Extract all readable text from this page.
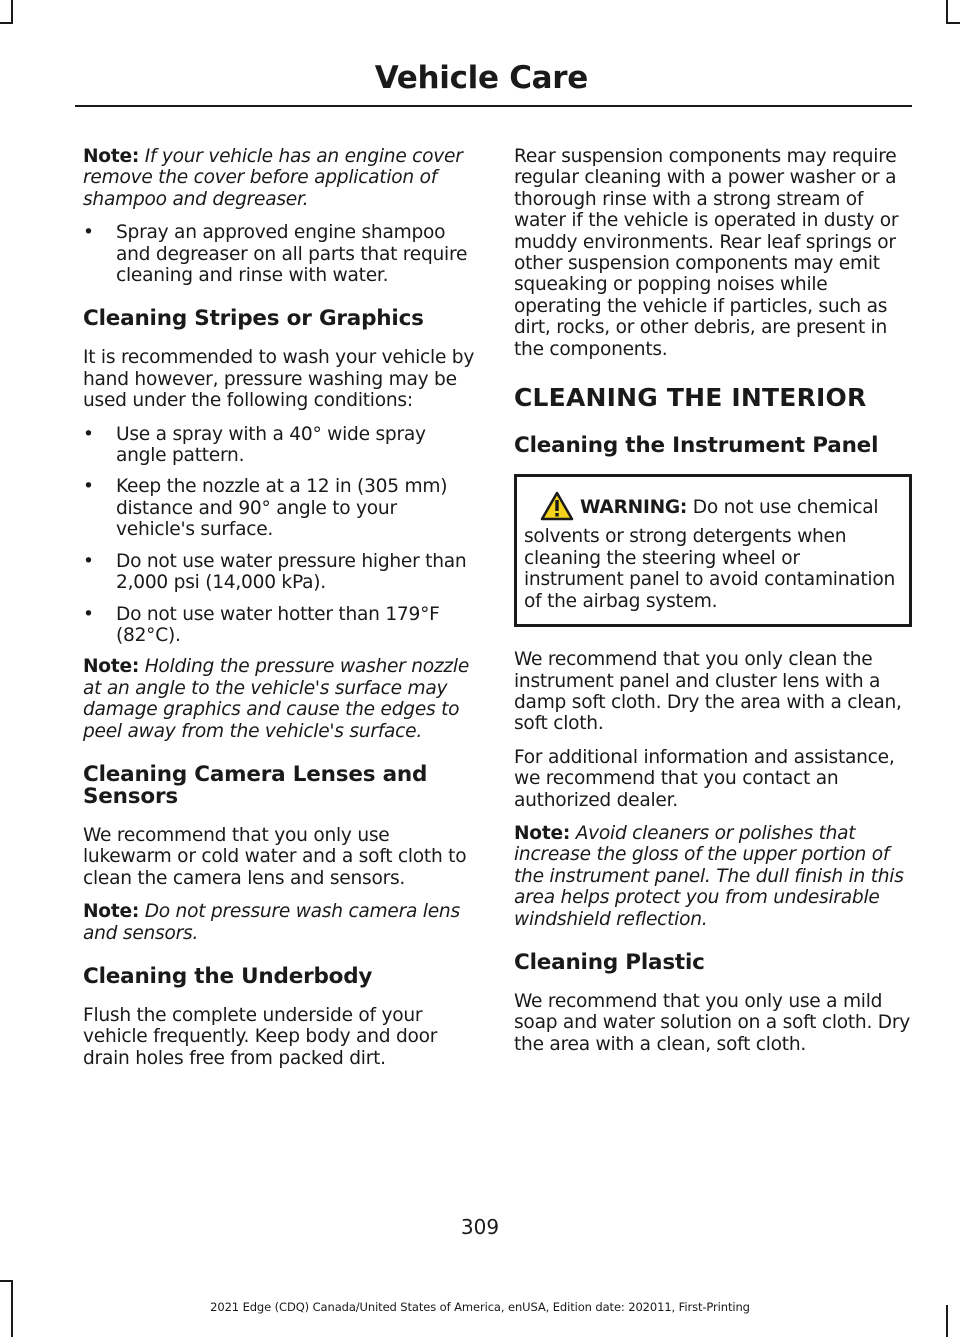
Vehicle Care

Note: If your vehicle has an engine cover remove the cover before application of shampoo and degreaser.

• Spray an approved engine shampoo and degreaser on all parts that require cleaning and rinse with water.
Cleaning Stripes or Graphics

It is recommended to wash your vehicle by hand however, pressure washing may be used under the following conditions:

• Use a spray with a 40° wide spray angle pattern.
• Keep the nozzle at a 12 in (305 mm) distance and 90° angle to your vehicle's surface.
• Do not use water pressure higher than 2,000 psi (14,000 kPa).
• Do not use water hotter than 179°F (82°C).

Note: Holding the pressure washer nozzle at an angle to the vehicle's surface may damage graphics and cause the edges to peel away from the vehicle's surface.

Cleaning Camera Lenses and Sensors

We recommend that you only use lukewarm or cold water and a soft cloth to clean the camera lens and sensors.

Note: Do not pressure wash camera lens and sensors.

Cleaning the Underbody

Flush the complete underside of your vehicle frequently. Keep body and door drain holes free from packed dirt.

Rear suspension components may require regular cleaning with a power washer or a thorough rinse with a strong stream of water if the vehicle is operated in dusty or muddy environments. Rear leaf springs or other suspension components may emit squeaking or popping noises while operating the vehicle if particles, such as dirt, rocks, or other debris, are present in the components.

CLEANING THE INTERIOR
Cleaning the Instrument Panel
WARNING: Do not use chemical solvents or strong detergents when cleaning the steering wheel or instrument panel to avoid contamination of the airbag system.

We recommend that you only clean the instrument panel and cluster lens with a damp soft cloth. Dry the area with a clean, soft cloth.

For additional information and assistance, we recommend that you contact an authorized dealer.

Note: Avoid cleaners or polishes that increase the gloss of the upper portion of the instrument panel. The dull finish in this area helps protect you from undesirable windshield reflection.

Cleaning Plastic

We recommend that you only use a mild soap and water solution on a soft cloth. Dry the area with a clean, soft cloth.

309
2021 Edge (CDQ) Canada/United States of America, enUSA, Edition date: 202011, First-Printing
